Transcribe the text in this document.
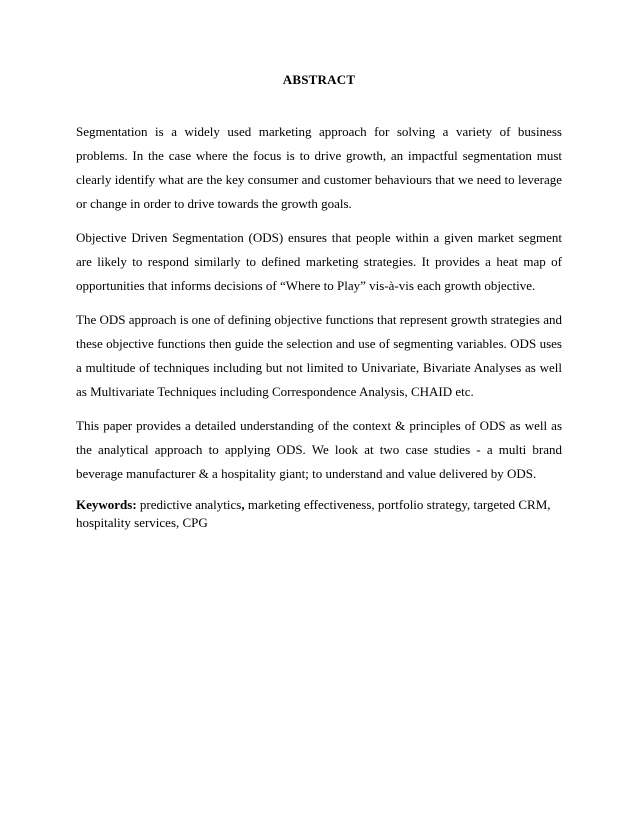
ABSTRACT

Segmentation is a widely used marketing approach for solving a variety of business problems. In the case where the focus is to drive growth, an impactful segmentation must clearly identify what are the key consumer and customer behaviours that we need to leverage or change in order to drive towards the growth goals.

Objective Driven Segmentation (ODS) ensures that people within a given market segment are likely to respond similarly to defined marketing strategies. It provides a heat map of opportunities that informs decisions of “Where to Play” vis-à-vis each growth objective.

The ODS approach is one of defining objective functions that represent growth strategies and these objective functions then guide the selection and use of segmenting variables. ODS uses a multitude of techniques including but not limited to Univariate, Bivariate Analyses as well as Multivariate Techniques including Correspondence Analysis, CHAID etc.

This paper provides a detailed understanding of the context & principles of ODS as well as the analytical approach to applying ODS. We look at two case studies - a multi brand beverage manufacturer & a hospitality giant; to understand and value delivered by ODS.

Keywords: predictive analytics, marketing effectiveness, portfolio strategy, targeted CRM, hospitality services, CPG
